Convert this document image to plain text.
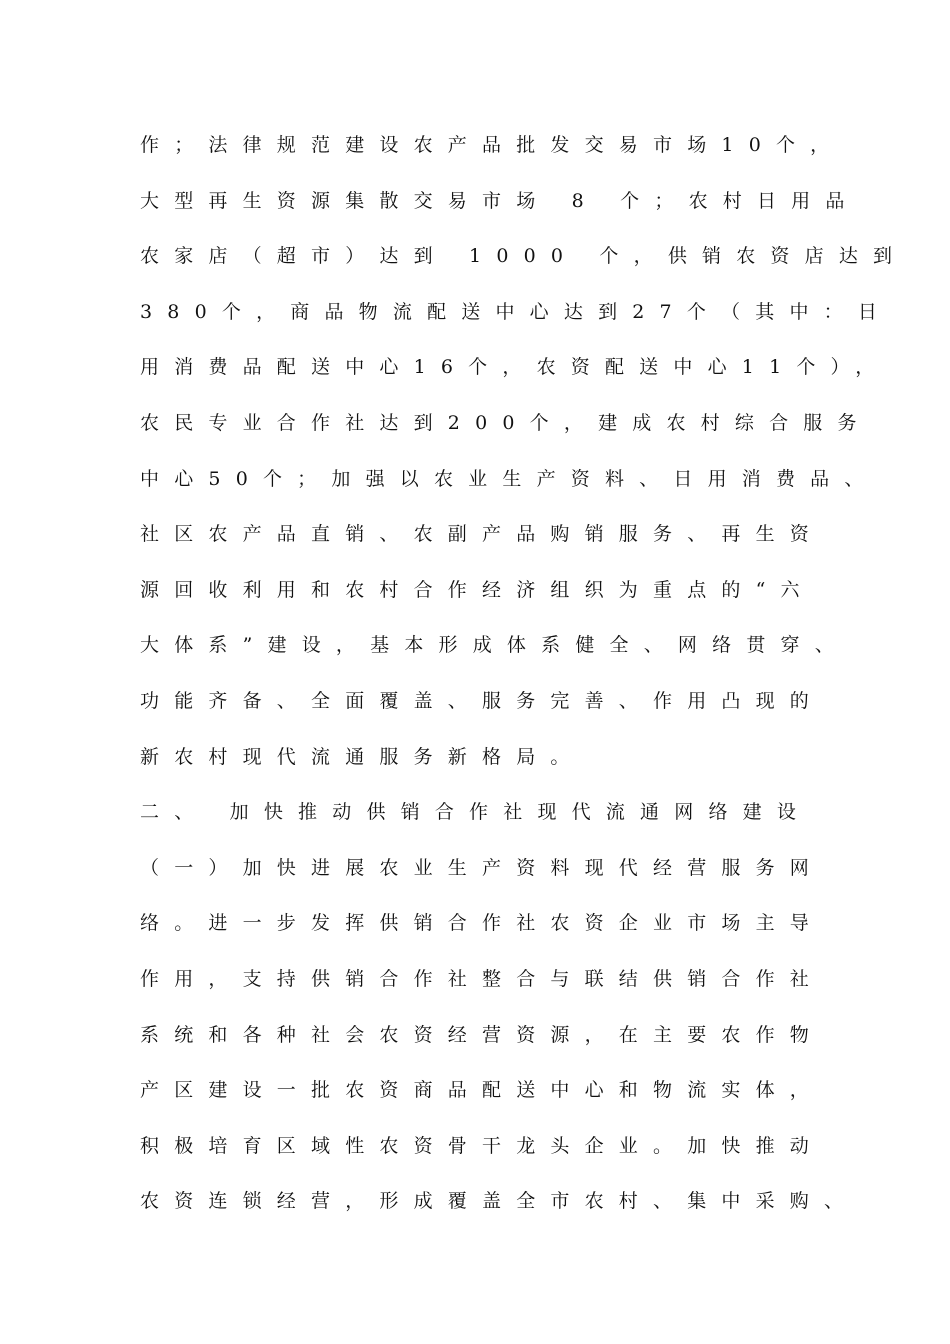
作；法律规范建设农产品批发交易市场10个，
大型再生资源集散交易市场 8 个；农村日用品
农家店（超市）达到 1000 个，供销农资店达到
380个，商品物流配送中心达到27个（其中：日
用消费品配送中心16个，农资配送中心11个），
农民专业合作社达到200个，建成农村综合服务
中心50个；加强以农业生产资料、日用消费品、
社区农产品直销、农副产品购销服务、再生资
源回收利用和农村合作经济组织为重点的“六
大体系”建设，基本形成体系健全、网络贯穿、
功能齐备、全面覆盖、服务完善、作用凸现的
新农村现代流通服务新格局。
二、 加快推动供销合作社现代流通网络建设
（一）加快进展农业生产资料现代经营服务网
络。进一步发挥供销合作社农资企业市场主导
作用，支持供销合作社整合与联结供销合作社
系统和各种社会农资经营资源，在主要农作物
产区建设一批农资商品配送中心和物流实体，
积极培育区域性农资骨干龙头企业。加快推动
农资连锁经营，形成覆盖全市农村、集中采购、
